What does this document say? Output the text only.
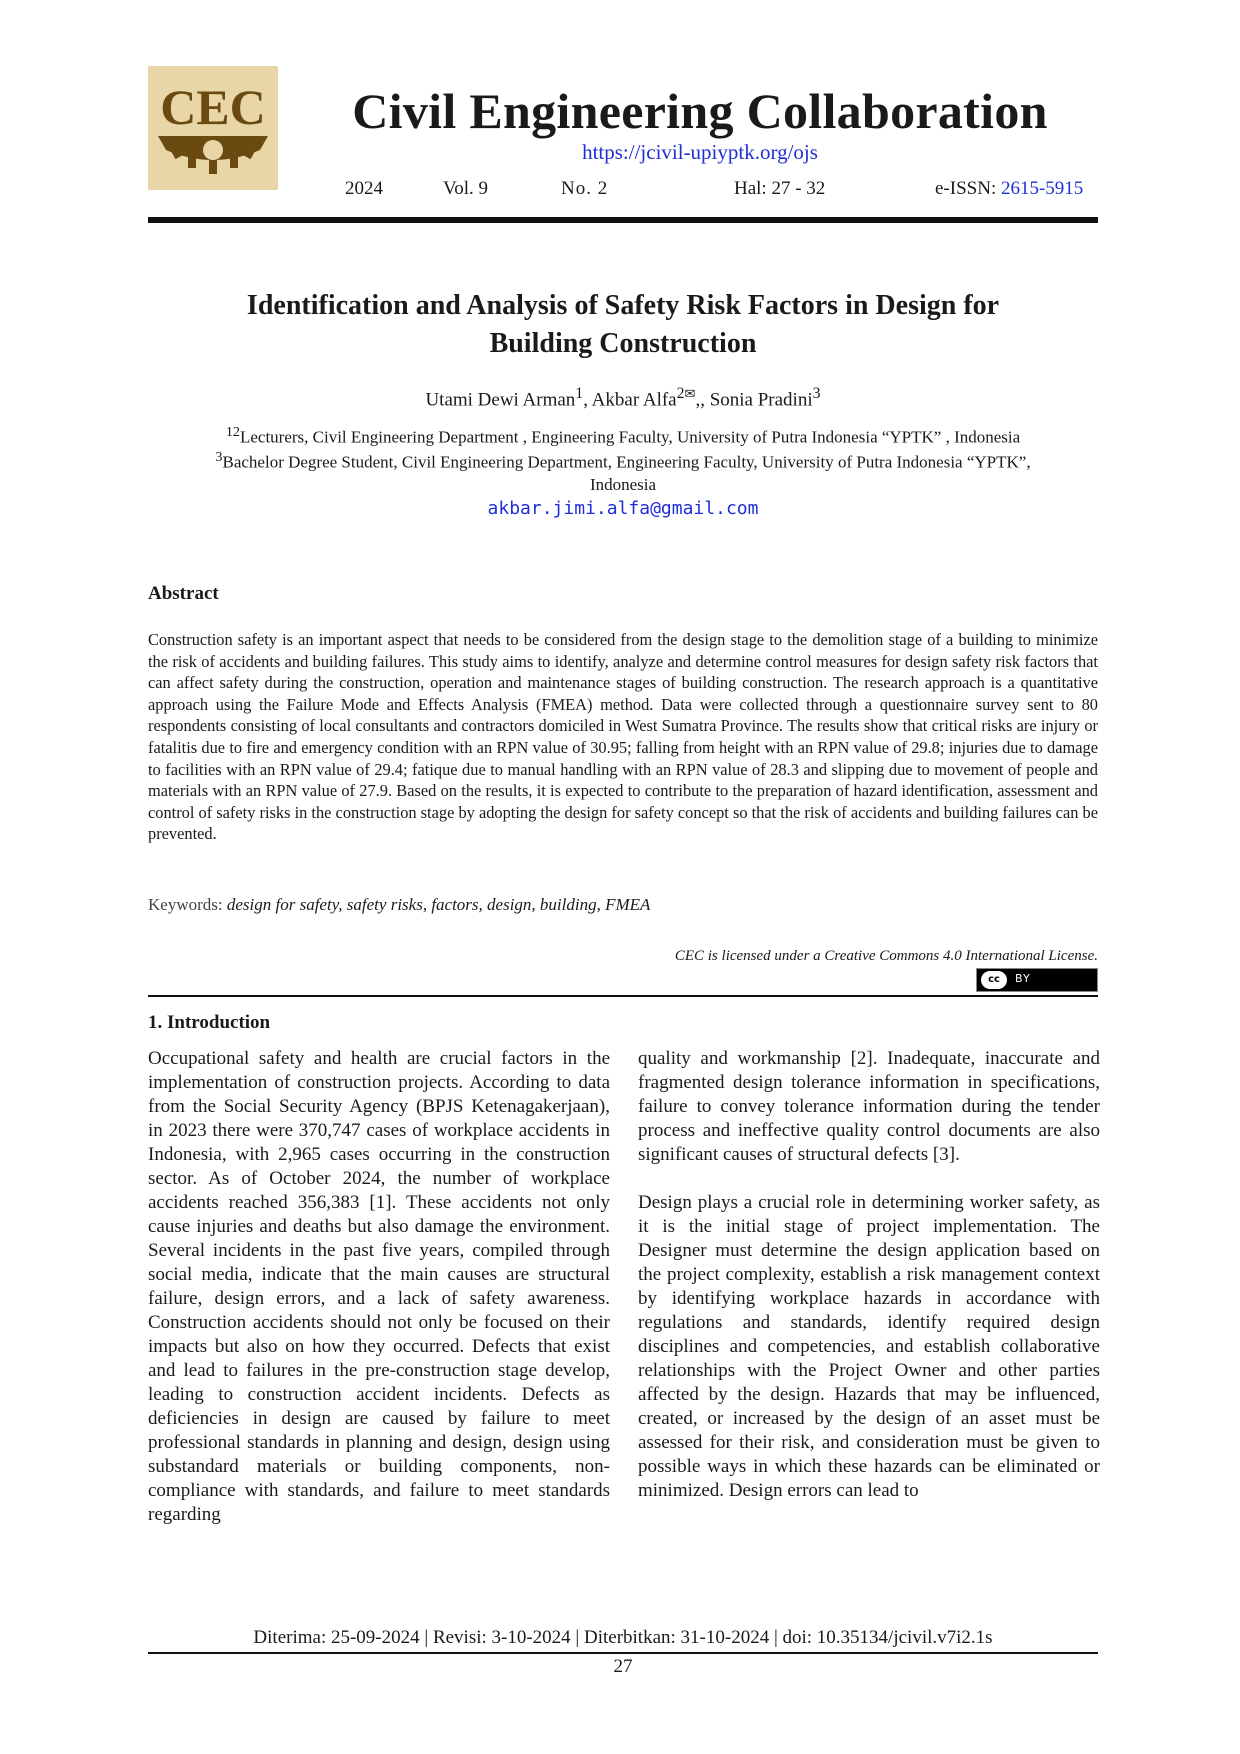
CEC	Civil Engineering Collaboration
https://jcivil-upiyptk.org/ojs
2024	Vol. 9	No. 2	Hal: 27 - 32	e-ISSN: 2615-5915
Identification and Analysis of Safety Risk Factors in Design for
Building Construction
Utami Dewi Arman$^1$, Akbar Alfa$^{2✉}$,, Sonia Pradini$^3$
$^{12}$Lecturers, Civil Engineering Department , Engineering Faculty, University of Putra Indonesia “YPTK” , Indonesia
$^3$Bachelor Degree Student, Civil Engineering Department, Engineering Faculty, University of Putra Indonesia “YPTK”,
Indonesia
akbar.jimi.alfa@gmail.com
Abstract
Construction safety is an important aspect that needs to be considered from the design stage to the demolition stage of a building to minimize the risk of accidents and building failures. This study aims to identify, analyze and determine control measures for design safety risk factors that can affect safety during the construction, operation and maintenance stages of building construction. The research approach is a quantitative approach using the Failure Mode and Effects Analysis (FMEA) method. Data were collected through a questionnaire survey sent to 80 respondents consisting of local consultants and contractors domiciled in West Sumatra Province. The results show that critical risks are injury or fatalitis due to fire and emergency condition with an RPN value of 30.95; falling from height with an RPN value of 29.8; injuries due to damage to facilities with an RPN value of 29.4; fatique due to manual handling with an RPN value of 28.3 and slipping due to movement of people and materials with an RPN value of 27.9. Based on the results, it is expected to contribute to the preparation of hazard identification, assessment and control of safety risks in the construction stage by adopting the design for safety concept so that the risk of accidents and building failures can be prevented.
Keywords: design for safety, safety risks, factors, design, building, FMEA
CEC is licensed under a Creative Commons 4.0 International License.
cc	BY
1. Introduction

Occupational safety and health are crucial factors in the implementation of construction projects. According to data from the Social Security Agency (BPJS Ketenagakerjaan), in 2023 there were 370,747 cases of workplace accidents in Indonesia, with 2,965 cases occurring in the construction sector. As of October 2024, the number of workplace accidents reached 356,383 [1]. These accidents not only cause injuries and deaths but also damage the environment. Several incidents in the past five years, compiled through social media, indicate that the main causes are structural failure, design errors, and a lack of safety awareness. Construction accidents should not only be focused on their impacts but also on how they occurred. Defects that exist and lead to failures in the pre-construction stage develop, leading to construction accident incidents. Defects as deficiencies in design are caused by failure to meet professional standards in planning and design, design using substandard materials or building components, non-compliance with standards, and failure to meet standards regarding

quality and workmanship [2]. Inadequate, inaccurate and fragmented design tolerance information in specifications, failure to convey tolerance information during the tender process and ineffective quality control documents are also significant causes of structural defects [3].

Design plays a crucial role in determining worker safety, as it is the initial stage of project implementation. The Designer must determine the design application based on the project complexity, establish a risk management context by identifying workplace hazards in accordance with regulations and standards, identify required design disciplines and competencies, and establish collaborative relationships with the Project Owner and other parties affected by the design. Hazards that may be influenced, created, or increased by the design of an asset must be assessed for their risk, and consideration must be given to possible ways in which these hazards can be eliminated or minimized. Design errors can lead to

Diterima: 25-09-2024 | Revisi: 3-10-2024 | Diterbitkan: 31-10-2024 | doi: 10.35134/jcivil.v7i2.1s
27
